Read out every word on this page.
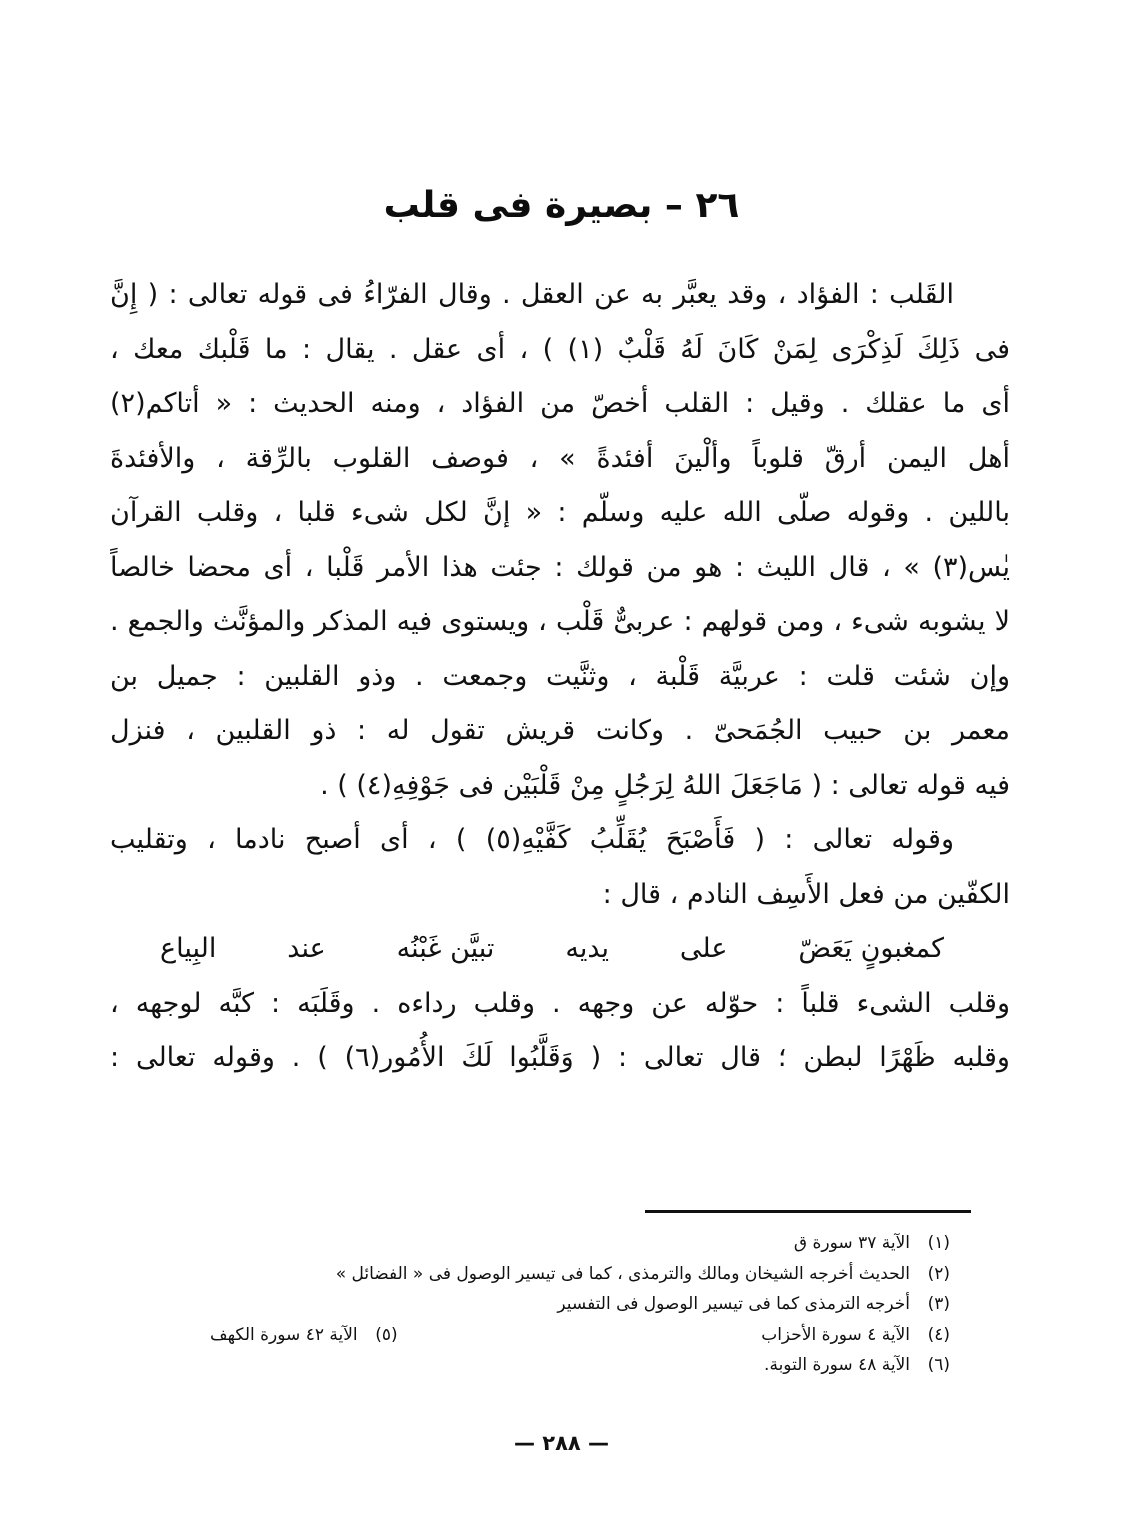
٢٦ – بصيرة فى قلب
القَلب : الفؤاد ، وقد يعبَّر به عن العقل . وقال الفرّاءُ فى قوله تعالى : ( إِنَّ
فى ذَلِكَ لَذِكْرَى لِمَنْ كَانَ لَهُ قَلْبٌ (١) ) ، أى عقل . يقال : ما قَلْبك معك ،
أى ما عقلك . وقيل : القلب أخصّ من الفؤاد ، ومنه الحديث : « أتاكم(٢)
أهل اليمن أرقّ قلوباً وألْينَ أفئدةً » ، فوصف القلوب بالرِّقة ، والأفئدةَ
باللين . وقوله صلّى الله عليه وسلّم : « إنَّ لكل شىء قلبا ، وقلب القرآن
يٰس(٣) » ، قال الليث : هو من قولك : جئت هذا الأمر قَلْبا ، أى محضا خالصاً
لا يشوبه شىء ، ومن قولهم : عربىٌّ قَلْب ، ويستوى فيه المذكر والمؤنَّث والجمع .
وإن شئت قلت : عربيَّة قَلْبة ، وثنَّيت وجمعت . وذو القلبين : جميل بن
معمر بن حبيب الجُمَحىّ . وكانت قريش تقول له : ذو القلبين ، فنزل
فيه قوله تعالى : ( مَاجَعَلَ اللهُ لِرَجُلٍ مِنْ قَلْبَيْن فى جَوْفِهِ(٤) ) .
وقوله تعالى : ( فَأَصْبَحَ يُقَلِّبُ كَفَّيْهِ(٥) ) ، أى أصبح نادما ، وتقليب
الكفّين من فعل الأَسِف النادم ، قال :
كمغبونٍ يَعَضّ
على
يديه
تبيَّن غَبْنُه
عند
البِياع
وقلب الشىء قلباً : حوّله عن وجهه . وقلب رداءه . وقَلَبَه : كبَّه لوجهه ،
وقلبه ظَهْرًا لبطن ؛ قال تعالى : ( وَقَلَّبُوا لَكَ الأُمُور(٦) ) . وقوله تعالى :
(١)
الآية ٣٧ سورة ق
(٢)
الحديث أخرجه الشيخان ومالك والترمذى ، كما فى تيسير الوصول فى « الفضائل »
(٣)
أخرجه الترمذى كما فى تيسير الوصول فى التفسير
(٤)
الآية ٤ سورة الأحزاب
(٥)
الآية ٤٢ سورة الكهف
(٦)
الآية ٤٨ سورة التوبة.
— ٢٨٨ —
